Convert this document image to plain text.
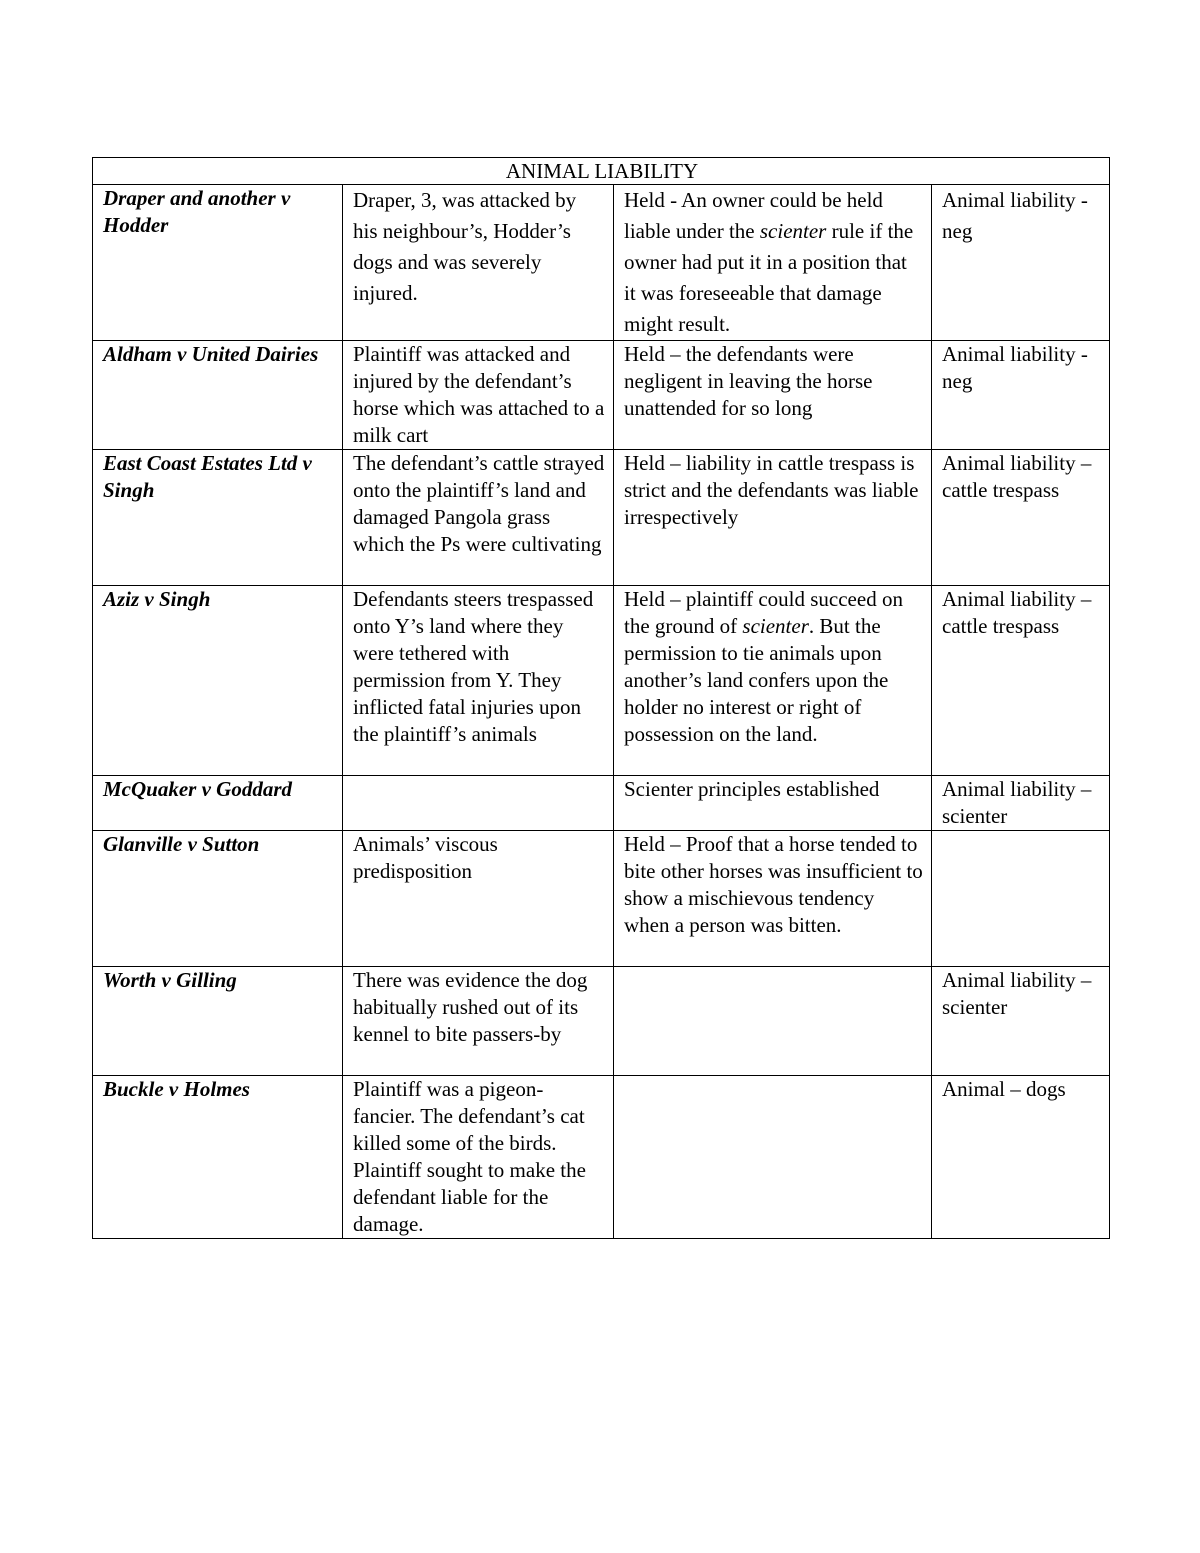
ANIMAL LIABILITY			
Draper and another v Hodder	Draper, 3, was attacked by his neighbour’s, Hodder’s dogs and was severely injured.	Held - An owner could be held liable under the scienter rule if the owner had put it in a position that it was foreseeable that damage might result.	Animal liability -neg
Aldham v United Dairies	Plaintiff was attacked and injured by the defendant’s horse which was attached to a milk cart	Held – the defendants were negligent in leaving the horse unattended for so long	Animal liability - neg
East Coast Estates Ltd v Singh	The defendant’s cattle strayed onto the plaintiff’s land and damaged Pangola grass which the Ps were cultivating	Held – liability in cattle trespass is strict and the defendants was liable irrespectively	Animal liability – cattle trespass
Aziz v Singh	Defendants steers trespassed onto Y’s land where they were tethered with permission from Y. They inflicted fatal injuries upon the plaintiff’s animals	Held – plaintiff could succeed on the ground of scienter. But the permission to tie animals upon another’s land confers upon the holder no interest or right of possession on the land.	Animal liability – cattle trespass
McQuaker v Goddard		Scienter principles established	Animal liability – scienter
Glanville v Sutton	Animals’ viscous predisposition	Held – Proof that a horse tended to bite other horses was insufficient to show a mischievous tendency when a person was bitten.	
Worth v Gilling	There was evidence the dog habitually rushed out of its kennel to bite passers-by		Animal liability – scienter
Buckle v Holmes	Plaintiff was a pigeon-fancier. The defendant’s cat killed some of the birds. Plaintiff sought to make the defendant liable for the damage.		Animal – dogs
